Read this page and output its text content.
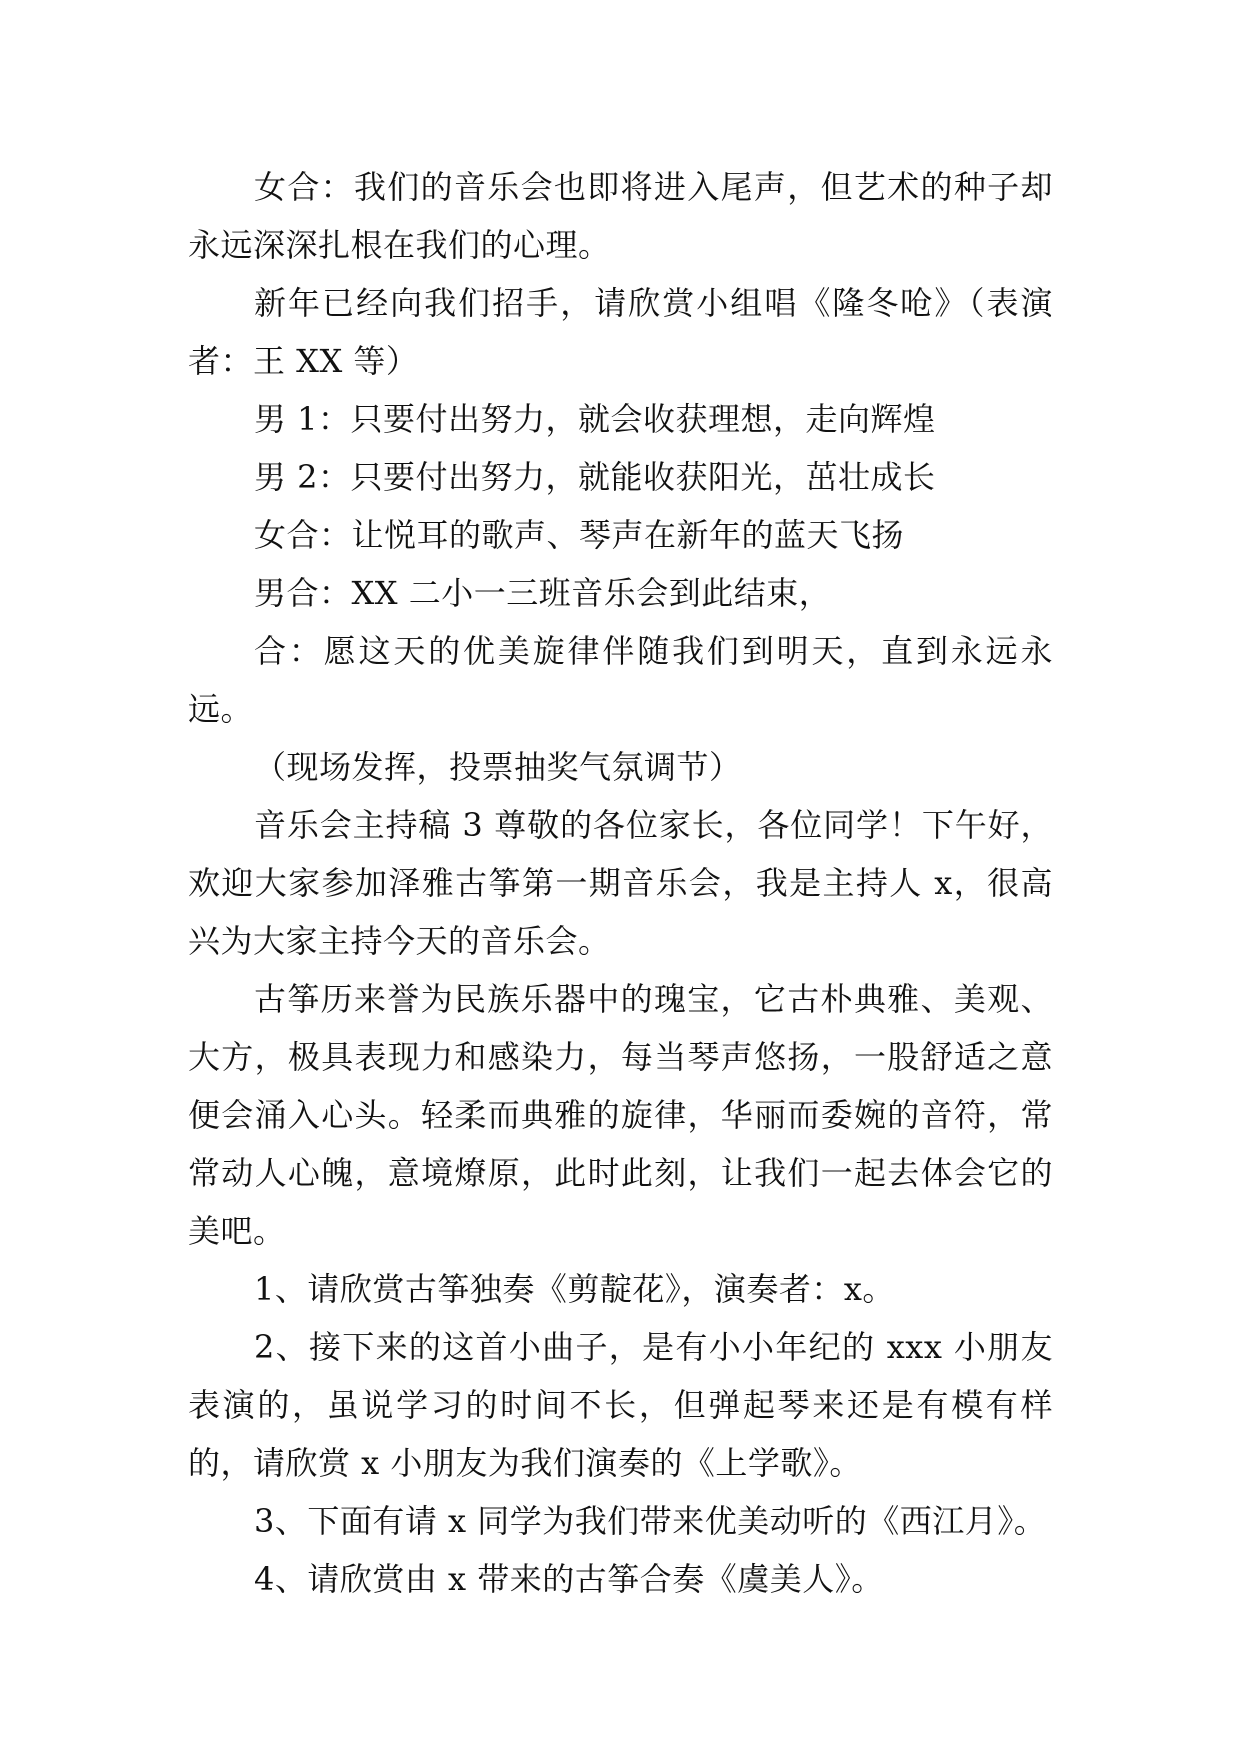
女合：我们的音乐会也即将进入尾声，但艺术的种子却永远深深扎根在我们的心理。

新年已经向我们招手，请欣赏小组唱《隆冬呛》（表演者：王 XX 等）

男 1：只要付出努力，就会收获理想，走向辉煌

男 2：只要付出努力，就能收获阳光，茁壮成长

女合：让悦耳的歌声、琴声在新年的蓝天飞扬

男合：XX 二小一三班音乐会到此结束，

合：愿这天的优美旋律伴随我们到明天，直到永远永远。

（现场发挥，投票抽奖气氛调节）

音乐会主持稿 3 尊敬的各位家长，各位同学！下午好，欢迎大家参加泽雅古筝第一期音乐会，我是主持人 x，很高兴为大家主持今天的音乐会。

古筝历来誉为民族乐器中的瑰宝，它古朴典雅、美观、大方，极具表现力和感染力，每当琴声悠扬，一股舒适之意便会涌入心头。轻柔而典雅的旋律，华丽而委婉的音符，常常动人心魄，意境燎原，此时此刻，让我们一起去体会它的美吧。

1、请欣赏古筝独奏《剪靛花》，演奏者：x。

2、接下来的这首小曲子，是有小小年纪的 xxx 小朋友表演的，虽说学习的时间不长，但弹起琴来还是有模有样的，请欣赏 x 小朋友为我们演奏的《上学歌》。

3、下面有请 x 同学为我们带来优美动听的《西江月》。

4、请欣赏由 x 带来的古筝合奏《虞美人》。
